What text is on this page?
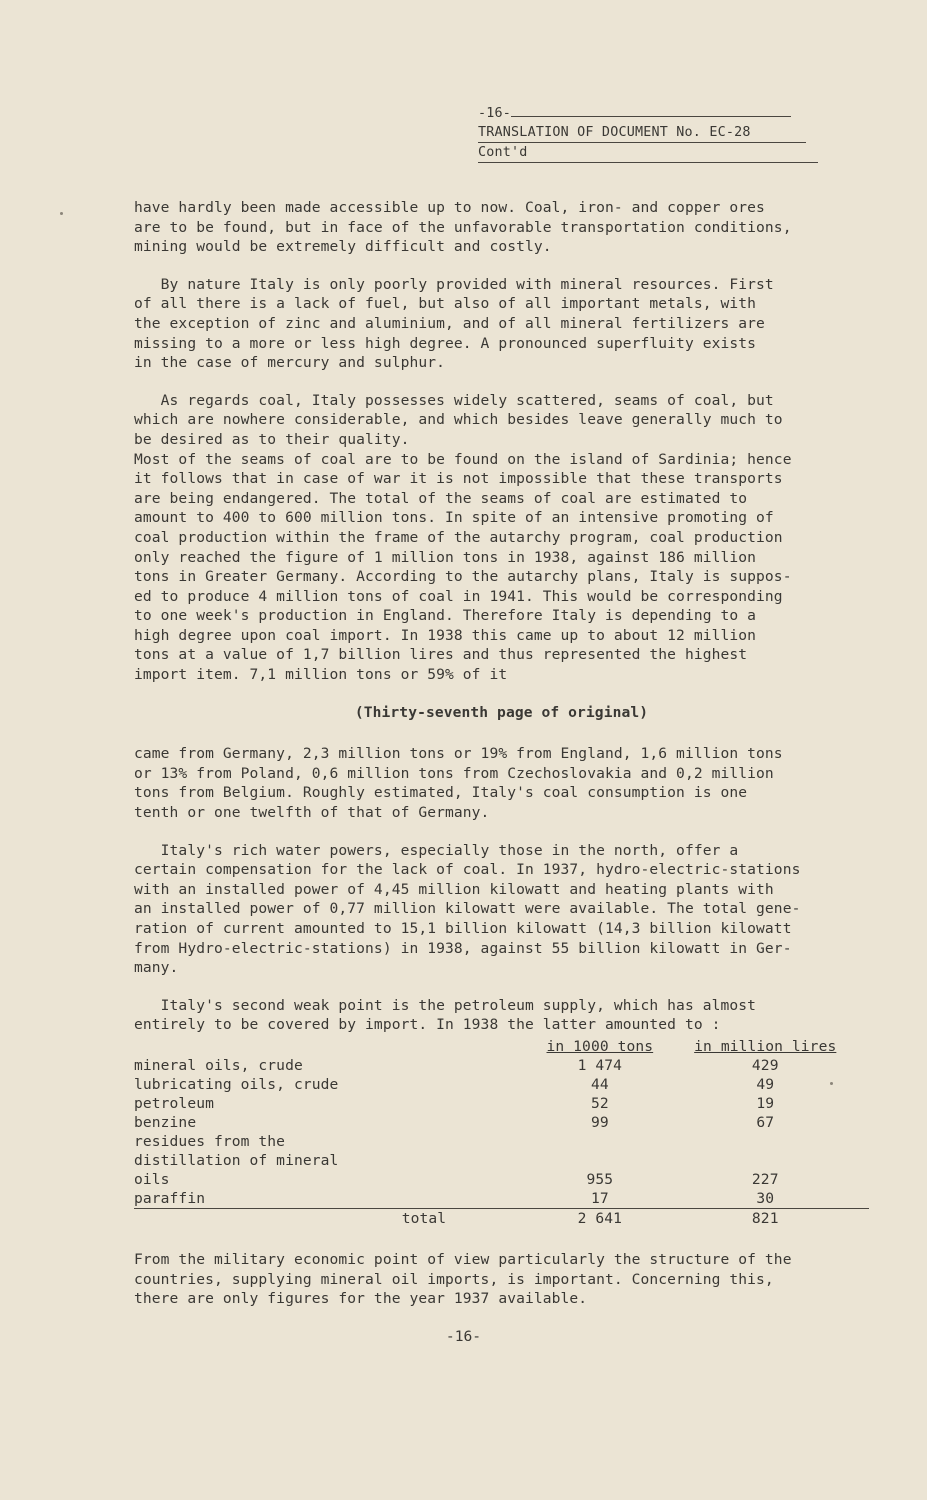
-16-
TRANSLATION OF DOCUMENT No. EC-28
Cont'd
have hardly been made accessible up to now. Coal, iron- and copper ores
are to be found, but in face of the unfavorable transportation conditions,
mining would be extremely difficult and costly.
By nature Italy is only poorly provided with mineral resources. First
of all there is a lack of fuel, but also of all important metals, with
the exception of zinc and aluminium, and of all mineral fertilizers are
missing to a more or less high degree. A pronounced superfluity exists
in the case of mercury and sulphur.
As regards coal, Italy possesses widely scattered, seams of coal, but
which are nowhere considerable, and which besides leave generally much to
be desired as to their quality.
Most of the seams of coal are to be found on the island of Sardinia; hence
it follows that in case of war it is not impossible that these transports
are being endangered. The total of the seams of coal are estimated to
amount to 400 to 600 million tons. In spite of an intensive promoting of
coal production within the frame of the autarchy program, coal production
only reached the figure of 1 million tons in 1938, against 186 million
tons in Greater Germany. According to the autarchy plans, Italy is suppos-
ed to produce 4 million tons of coal in 1941. This would be corresponding
to one week's production in England. Therefore Italy is depending to a
high degree upon coal import. In 1938 this came up to about 12 million
tons at a value of 1,7 billion lires and thus represented the highest
import item. 7,1 million tons or 59% of it
(Thirty-seventh page of original)
came from Germany, 2,3 million tons or 19% from England, 1,6 million tons
or 13% from Poland, 0,6 million tons from Czechoslovakia and 0,2 million
tons from Belgium. Roughly estimated, Italy's coal consumption is one
tenth or one twelfth of that of Germany.
Italy's rich water powers, especially those in the north, offer a
certain compensation for the lack of coal. In 1937, hydro-electric-stations
with an installed power of 4,45 million kilowatt and heating plants with
an installed power of 0,77 million kilowatt were available. The total gene-
ration of current amounted to 15,1 billion kilowatt (14,3 billion kilowatt
from Hydro-electric-stations) in 1938, against 55 billion kilowatt in Ger-
many.
Italy's second weak point is the petroleum supply, which has almost
entirely to be covered by import. In 1938 the latter amounted to :
	in 1000 tons	in million lires
mineral oils, crude	1 474	429
lubricating oils, crude	44	49
petroleum	52	19
benzine	99	67
residues from the		
distillation of mineral		
oils	955	227
paraffin	17	30
total	2 641	821
From the military economic point of view particularly the structure of the
countries, supplying mineral oil imports, is important. Concerning this,
there are only figures for the year 1937 available.
-16-
